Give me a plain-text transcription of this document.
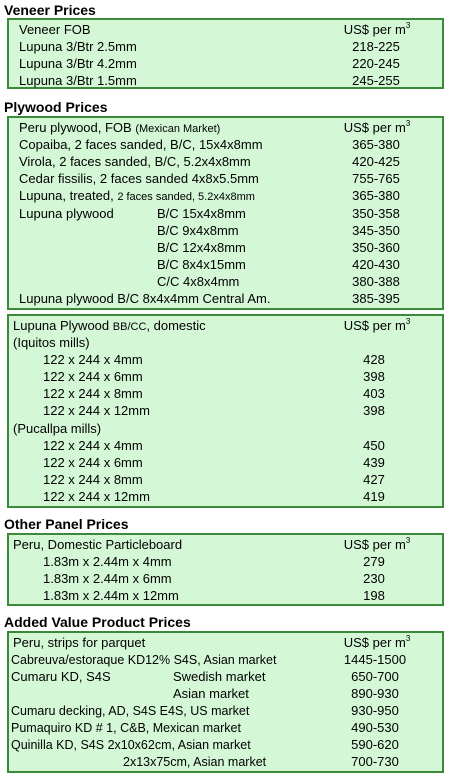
Veneer Prices
Veneer FOB	US$ per $m^3$
Lupuna 3/Btr 2.5mm	218-225
Lupuna 3/Btr 4.2mm	220-245
Lupuna 3/Btr 1.5mm	245-255
Plywood Prices
Peru plywood, FOB (Mexican Market)	US$ per $m^3$
Copaiba, 2 faces sanded, B/C, 15x4x8mm	365-380
Virola, 2 faces sanded, B/C, 5.2x4x8mm	420-425
Cedar fissilis, 2 faces sanded 4x8x5.5mm	755-765
Lupuna, treated, 2 faces sanded, 5.2x4x8mm	365-380
Lupuna plywood	B/C 15x4x8mm	350-358
B/C 9x4x8mm	345-350
B/C 12x4x8mm	350-360
B/C 8x4x15mm	420-430
C/C 4x8x4mm	380-388
Lupuna plywood B/C 8x4x4mm Central Am.	385-395
Lupuna Plywood BB/CC, domestic	US$ per $m^3$
(Iquitos mills)
122 x 244 x 4mm	428
122 x 244 x 6mm	398
122 x 244 x 8mm	403
122 x 244 x 12mm	398
(Pucallpa mills)
122 x 244 x 4mm	450
122 x 244 x 6mm	439
122 x 244 x 8mm	427
122 x 244 x 12mm	419
Other Panel Prices
Peru, Domestic Particleboard	US$ per $m^3$
1.83m x 2.44m x 4mm	279
1.83m x 2.44m x 6mm	230
1.83m x 2.44m x 12mm	198
Added Value Product Prices
Peru, strips for parquet	US$ per $m^3$
Cabreuva/estoraque KD12% S4S, Asian market	1445-1500
Cumaru KD, S4S	Swedish market	650-700
Asian market	890-930
Cumaru decking, AD, S4S E4S, US market	930-950
Pumaquiro KD # 1, C&B, Mexican market	490-530
Quinilla KD, S4S 2x10x62cm, Asian market	590-620
2x13x75cm, Asian market	700-730
